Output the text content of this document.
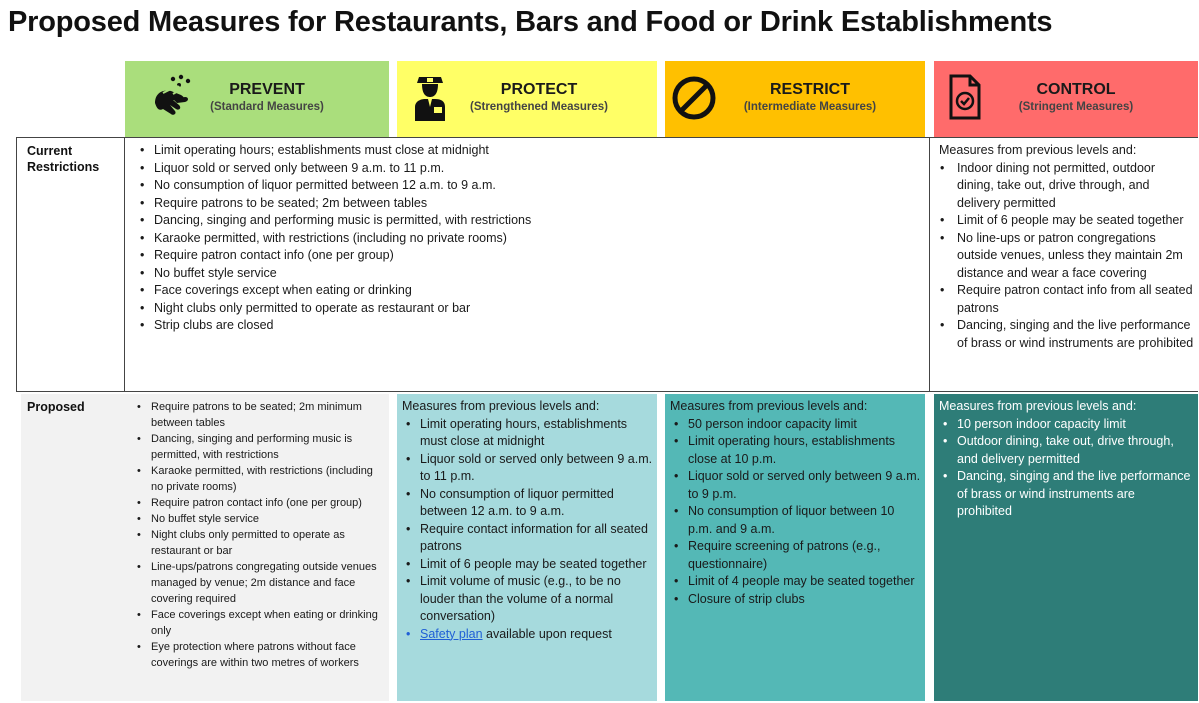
Proposed Measures for Restaurants, Bars and Food or Drink Establishments
PREVENT
(Standard Measures)
PROTECT
(Strengthened Measures)
RESTRICT
(Intermediate Measures)
CONTROL
(Stringent Measures)
Current Restrictions
• Limit operating hours; establishments must close at midnight
• Liquor sold or served only between 9 a.m. to 11 p.m.
• No consumption of liquor permitted between 12 a.m. to 9 a.m.
• Require patrons to be seated; 2m between tables
• Dancing, singing and performing music is permitted, with restrictions
• Karaoke permitted, with restrictions (including no private rooms)
• Require patron contact info (one per group)
• No buffet style service
• Face coverings except when eating or drinking
• Night clubs only permitted to operate as restaurant or bar
• Strip clubs are closed
Measures from previous levels and:
• Indoor dining not permitted, outdoor dining, take out, drive through, and delivery permitted
• Limit of 6 people may be seated together
• No line-ups or patron congregations outside venues, unless they maintain 2m distance and wear a face covering
• Require patron contact info from all seated patrons
• Dancing, singing and the live performance of brass or wind instruments are prohibited
Proposed
•	Require patrons to be seated; 2m minimum between tables
• Dancing, singing and performing music is permitted, with restrictions
• Karaoke permitted, with restrictions (including no private rooms)
• Require patron contact info (one per group)
• No buffet style service
• Night clubs only permitted to operate as restaurant or bar
• Line-ups/patrons congregating outside venues managed by venue; 2m distance and face covering required
• Face coverings except when eating or drinking only
• Eye protection where patrons without face coverings are within two metres of workers
Measures from previous levels and:
• Limit operating hours, establishments must close at midnight
• Liquor sold or served only between 9 a.m. to 11 p.m.
• No consumption of liquor permitted between 12 a.m. to 9 a.m.
• Require contact information for all seated patrons
• Limit of 6 people may be seated together
• Limit volume of music (e.g., to be no louder than the volume of a normal conversation)
• Safety plan available upon request
Measures from previous levels and:
• 50 person indoor capacity limit
• Limit operating hours, establishments close at 10 p.m.
• Liquor sold or served only between 9 a.m. to 9 p.m.
• No consumption of liquor between 10 p.m. and 9 a.m.
• Require screening of patrons (e.g., questionnaire)
• Limit of 4 people may be seated together
• Closure of strip clubs
Measures from previous levels and:
• 10 person indoor capacity limit
• Outdoor dining, take out, drive through, and delivery permitted
• Dancing, singing and the live performance of brass or wind instruments are prohibited
